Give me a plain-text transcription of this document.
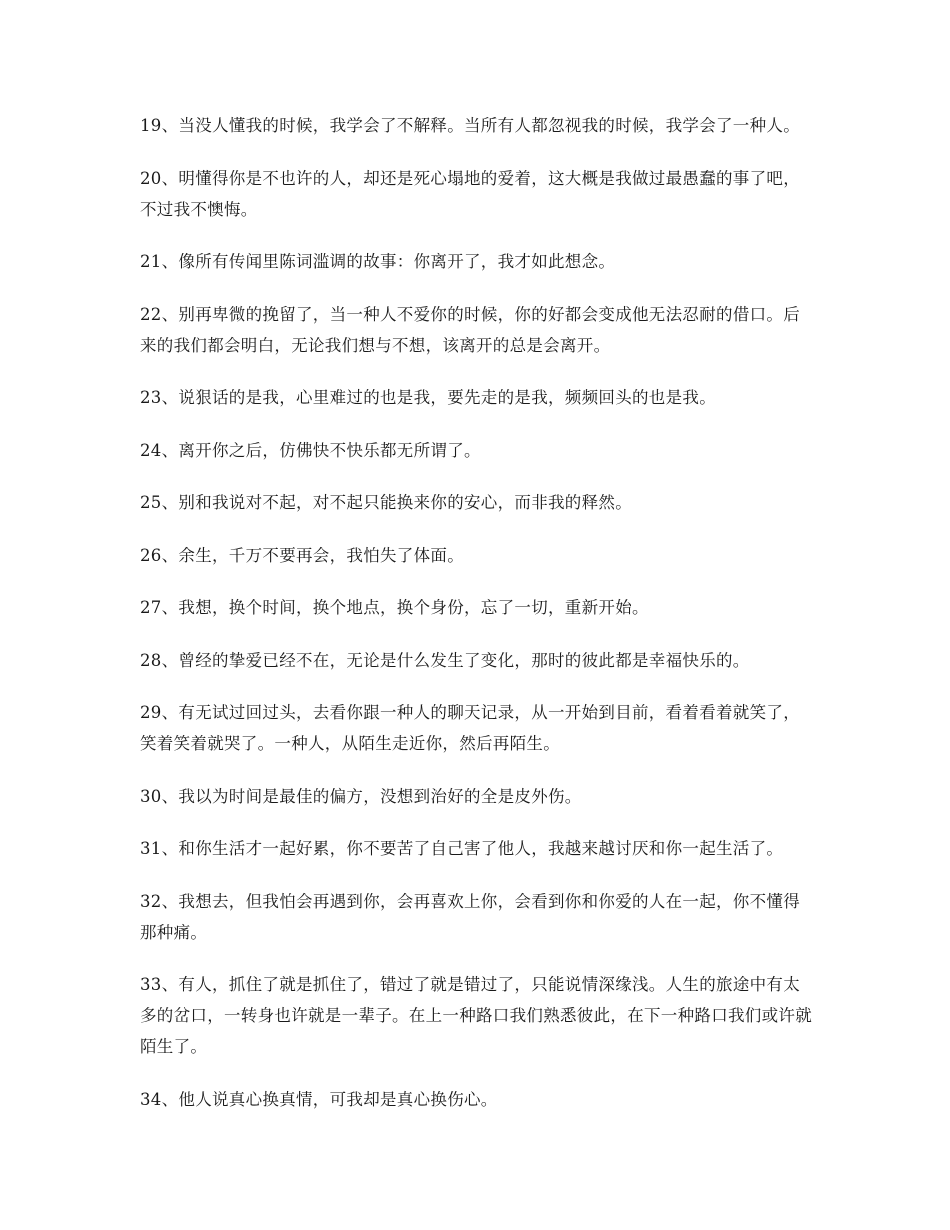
19、当没人懂我的时候，我学会了不解释。当所有人都忽视我的时候，我学会了一种人。

20、明懂得你是不也许的人，却还是死心塌地的爱着，这大概是我做过最愚蠢的事了吧，不过我不懊悔。

21、像所有传闻里陈词滥调的故事：你离开了，我才如此想念。

22、别再卑微的挽留了，当一种人不爱你的时候，你的好都会变成他无法忍耐的借口。后来的我们都会明白，无论我们想与不想，该离开的总是会离开。

23、说狠话的是我，心里难过的也是我，要先走的是我，频频回头的也是我。

24、离开你之后，仿佛快不快乐都无所谓了。

25、别和我说对不起，对不起只能换来你的安心，而非我的释然。

26、余生，千万不要再会，我怕失了体面。

27、我想，换个时间，换个地点，换个身份，忘了一切，重新开始。

28、曾经的挚爱已经不在，无论是什么发生了变化，那时的彼此都是幸福快乐的。

29、有无试过回过头，去看你跟一种人的聊天记录，从一开始到目前，看着看着就笑了，笑着笑着就哭了。一种人，从陌生走近你，然后再陌生。

30、我以为时间是最佳的偏方，没想到治好的全是皮外伤。

31、和你生活才一起好累，你不要苦了自己害了他人，我越来越讨厌和你一起生活了。

32、我想去，但我怕会再遇到你，会再喜欢上你，会看到你和你爱的人在一起，你不懂得那种痛。

33、有人，抓住了就是抓住了，错过了就是错过了，只能说情深缘浅。人生的旅途中有太多的岔口，一转身也许就是一辈子。在上一种路口我们熟悉彼此，在下一种路口我们或许就陌生了。

34、他人说真心换真情，可我却是真心换伤心。
